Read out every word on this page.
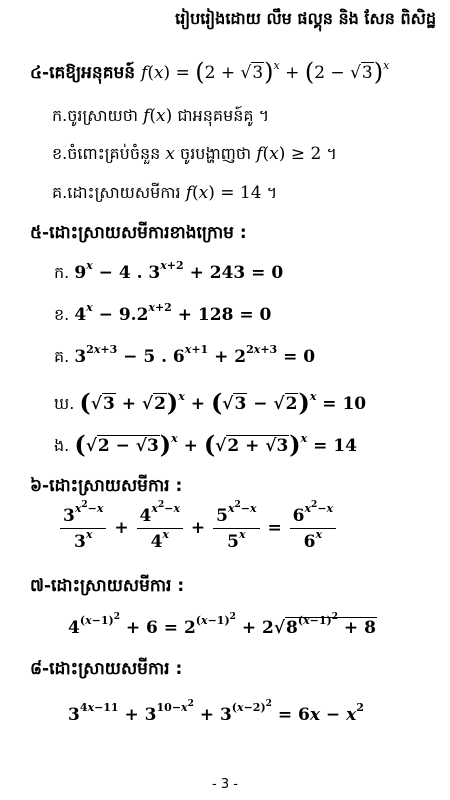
រៀបរៀងដោយ លឹម ផល្គុន និង សែន ពិសិដ្ឋ
៤-គេឱ្យអនុគមន៍ $f(x) = (2 + √3)^x + (2 - √3)^x$
ក.ចូរស្រាយថា f(x) ជាអនុគមន៍គូ ។
ខ.ចំពោះគ្រប់ចំនួន x ចូរបង្ហាញថា f(x) ≥ 2 ។
គ.ដោះស្រាយសមីការ f(x) = 14 ។
៥-ដោះស្រាយសមីការខាងក្រោម :
ក. $9^x - 4$ . $3^{x+2} + 243 = 0$
ខ. $4^x - 9.2^{x+2} + 128 = 0$
គ. $3^{2x+3} - 5$ . $6^{x+1} + 2^{2x+3} = 0$
ឃ. $(√3 + √2)^x + (√3 - √2)^x = 10$
ង. $(√2 - √3)^x + (√2 + √3)^x = 14$
៦-ដោះស្រាយសមីការ :
$\frac{3^{x^2-x}}{3^x} + \frac{4^{x^2-x}}{4^x} + \frac{5^{x^2-x}}{5^x} = \frac{6^{x^2-x}}{6^x}$
៧-ដោះស្រាយសមីការ :
$4^{(x-1)^2} + 6 = 2^{(x-1)^2} + 2√8^{(x-1)^2} + 8$
៨-ដោះស្រាយសមីការ :
$3^{4x-11} + 3^{10-x^2} + 3^{(x-2)^2} = 6x - x^2$
- 3 -
